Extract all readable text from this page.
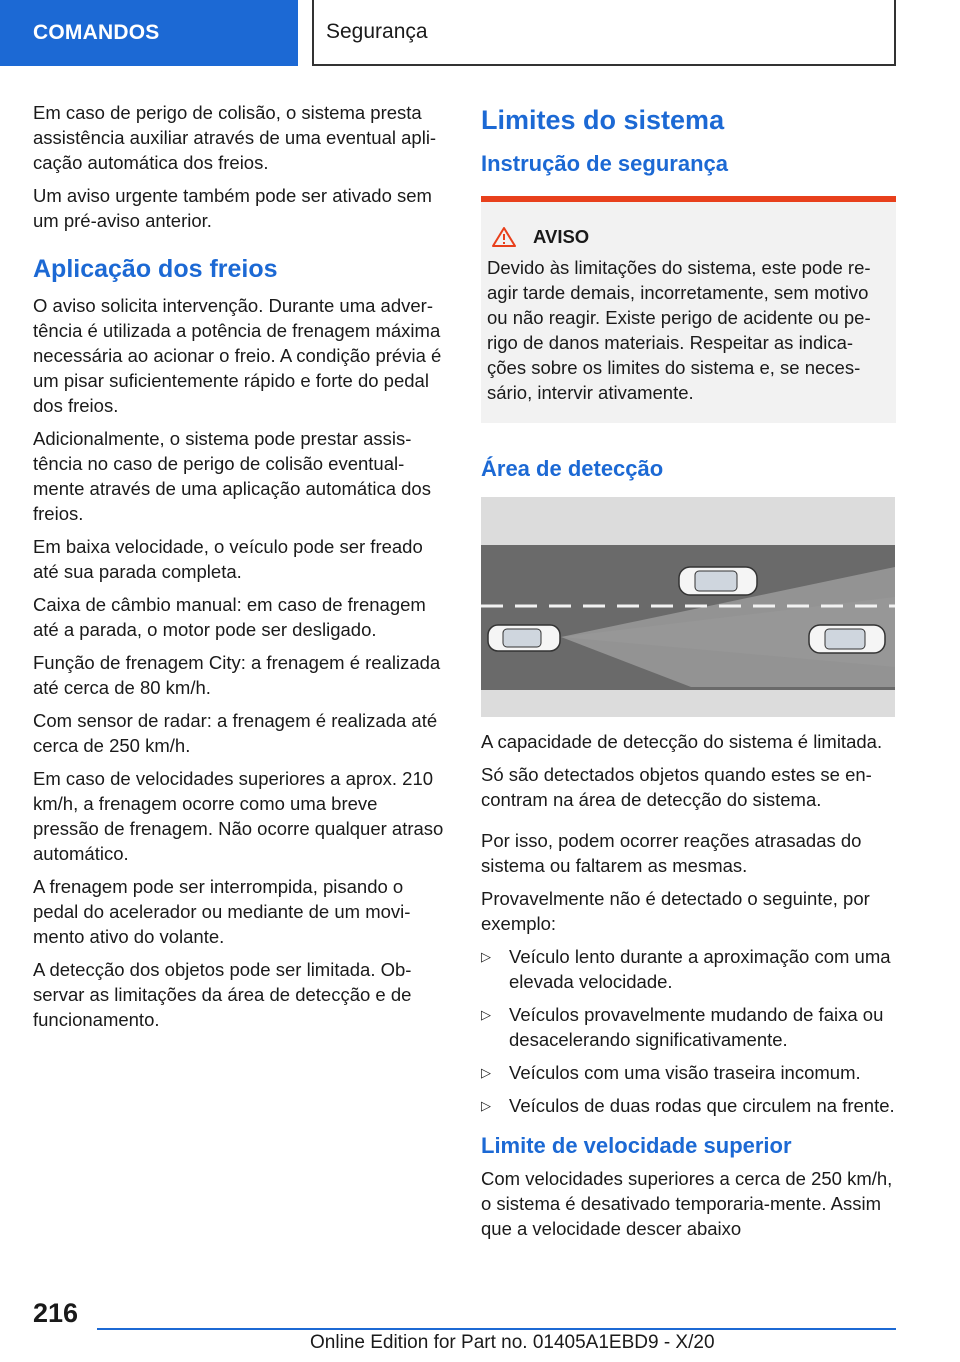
COMANDOS	Segurança

Em caso de perigo de colisão, o sistema presta assistência auxiliar através de uma eventual apli‐cação automática dos freios.

Um aviso urgente também pode ser ativado sem um pré-aviso anterior.

Aplicação dos freios

O aviso solicita intervenção. Durante uma adver‐tência é utilizada a potência de frenagem máxima necessária ao acionar o freio. A condição prévia é um pisar suficientemente rápido e forte do pedal dos freios.

Adicionalmente, o sistema pode prestar assis‐tência no caso de perigo de colisão eventual‐mente através de uma aplicação automática dos freios.

Em baixa velocidade, o veículo pode ser freado até sua parada completa.

Caixa de câmbio manual: em caso de frenagem até a parada, o motor pode ser desligado.

Função de frenagem City: a frenagem é realizada até cerca de 80 km/h.

Com sensor de radar: a frenagem é realizada até cerca de 250 km/h.

Em caso de velocidades superiores a aprox. 210 km/h, a frenagem ocorre como uma breve pressão de frenagem. Não ocorre qualquer atraso automático.

A frenagem pode ser interrompida, pisando o pedal do acelerador ou mediante de um movi‐mento ativo do volante.

A detecção dos objetos pode ser limitada. Ob‐servar as limitações da área de detecção e de funcionamento.

Limites do sistema
Instrução de segurança
AVISO
Devido às limitações do sistema, este pode re‐agir tarde demais, incorretamente, sem motivo ou não reagir. Existe perigo de acidente ou pe‐rigo de danos materiais. Respeitar as indica‐ções sobre os limites do sistema e, se neces‐sário, intervir ativamente.
Área de detecção

A capacidade de detecção do sistema é limitada.

Só são detectados objetos quando estes se en‐contram na área de detecção do sistema.

Por isso, podem ocorrer reações atrasadas do sistema ou faltarem as mesmas.

Provavelmente não é detectado o seguinte, por exemplo:

▷ Veículo lento durante a aproximação com uma elevada velocidade.
▷ Veículos provavelmente mudando de faixa ou desacelerando significativamente.
▷ Veículos com uma visão traseira incomum.
▷ Veículos de duas rodas que circulem na frente.
Limite de velocidade superior

Com velocidades superiores a cerca de 250 km/h, o sistema é desativado temporaria‐mente. Assim que a velocidade descer abaixo

216
Online Edition for Part no. 01405A1EBD9 - X/20
